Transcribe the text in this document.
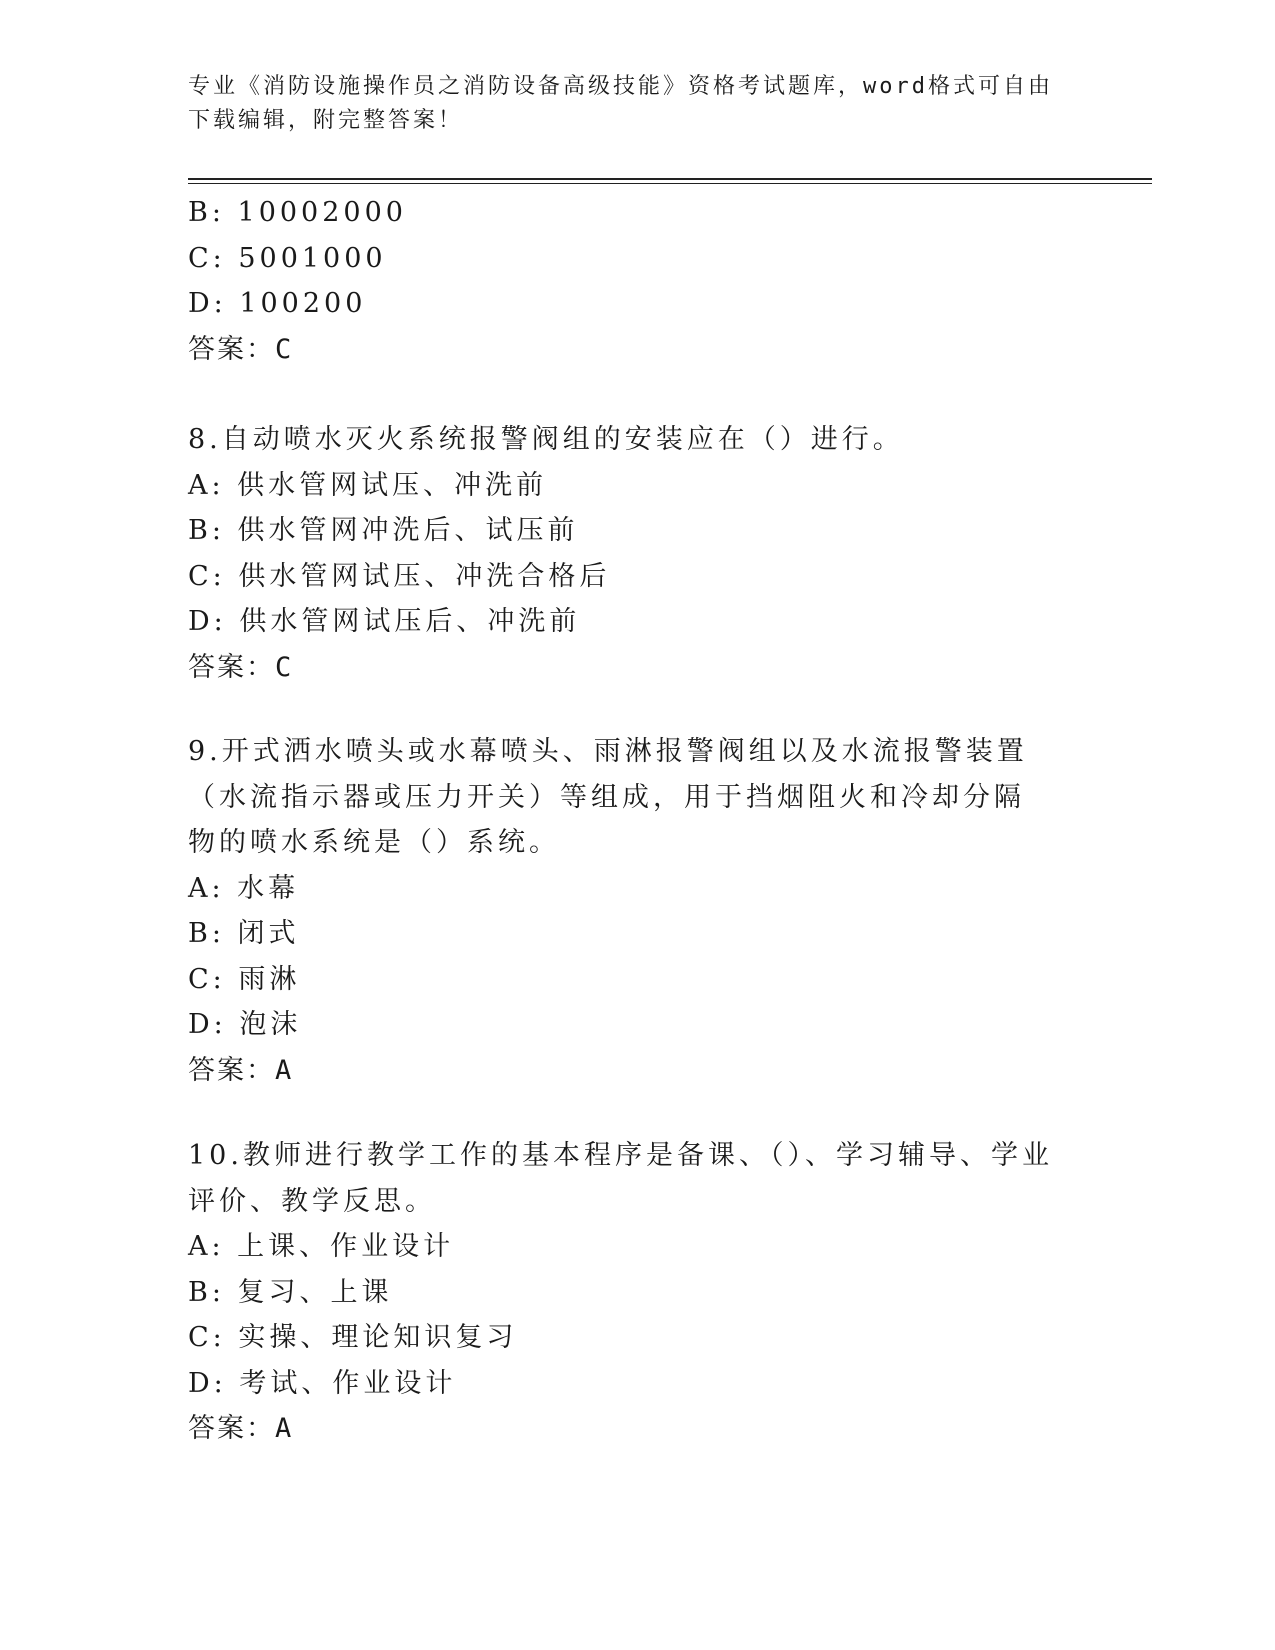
专业《消防设施操作员之消防设备高级技能》资格考试题库，word格式可自由下载编辑，附完整答案！
B: 10002000
C: 5001000
D: 100200
答案：C
8.自动喷水灭火系统报警阀组的安装应在（）进行。
A: 供水管网试压、冲洗前
B: 供水管网冲洗后、试压前
C: 供水管网试压、冲洗合格后
D: 供水管网试压后、冲洗前
答案：C
9.开式洒水喷头或水幕喷头、雨淋报警阀组以及水流报警装置（水流指示器或压力开关）等组成，用于挡烟阻火和冷却分隔物的喷水系统是（）系统。
A: 水幕
B: 闭式
C: 雨淋
D: 泡沫
答案：A
10.教师进行教学工作的基本程序是备课、（）、学习辅导、学业评价、教学反思。
A: 上课、作业设计
B: 复习、上课
C: 实操、理论知识复习
D: 考试、作业设计
答案：A
